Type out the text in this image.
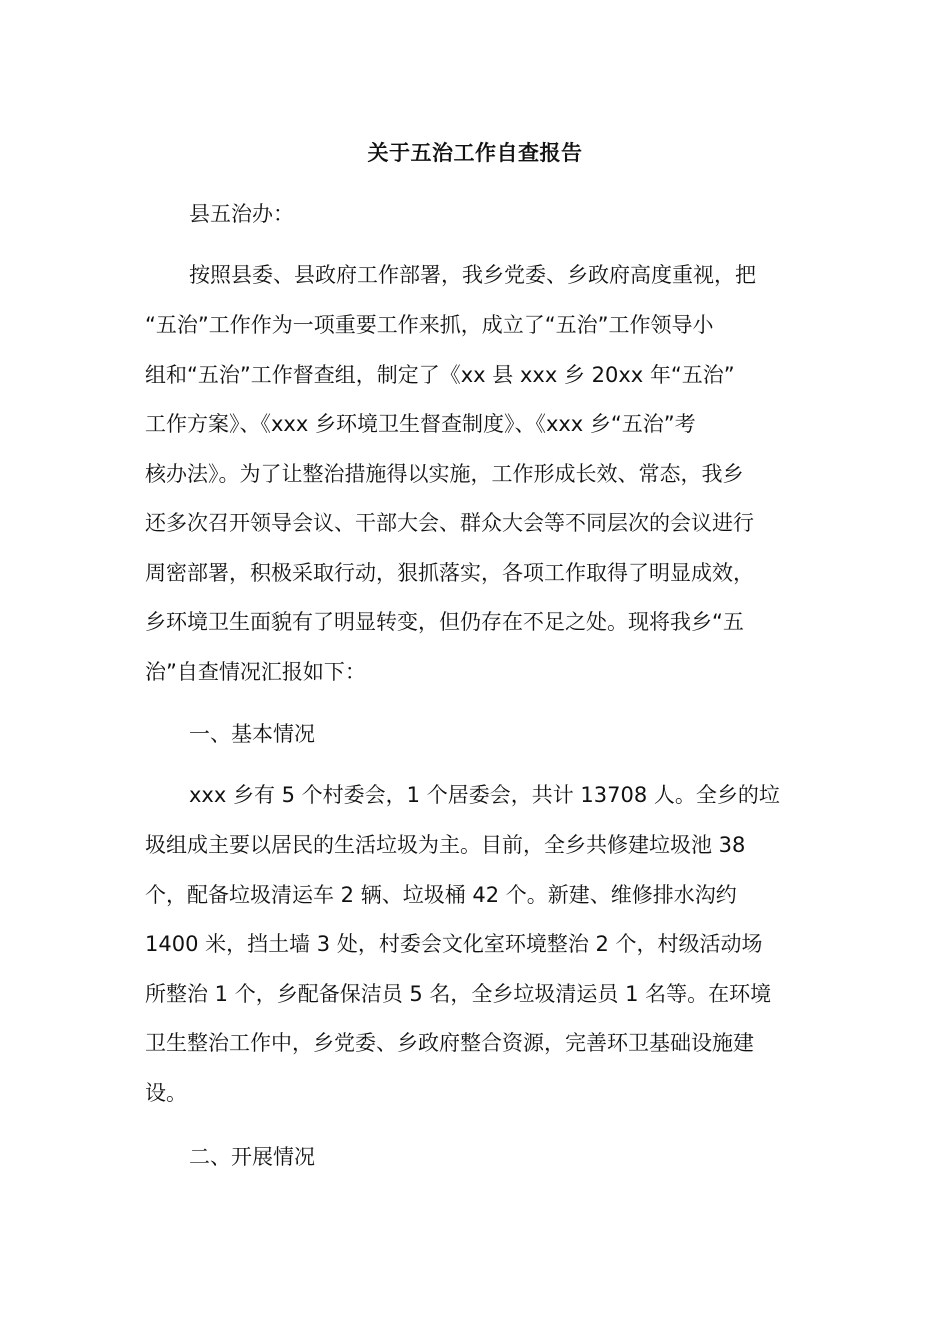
关于五治工作自查报告
县五治办：
按照县委、县政府工作部署，我乡党委、乡政府高度重视，把
“五治”工作作为一项重要工作来抓，成立了“五治”工作领导小
组和“五治”工作督查组，制定了《xx 县 xxx 乡 20xx 年“五治”
工作方案》、《xxx 乡环境卫生督查制度》、《xxx 乡“五治”考
核办法》。为了让整治措施得以实施，工作形成长效、常态，我乡
还多次召开领导会议、干部大会、群众大会等不同层次的会议进行
周密部署，积极采取行动，狠抓落实，各项工作取得了明显成效，
乡环境卫生面貌有了明显转变，但仍存在不足之处。现将我乡“五
治”自查情况汇报如下：
一、基本情况
xxx 乡有 5 个村委会，1 个居委会，共计 13708 人。全乡的垃
圾组成主要以居民的生活垃圾为主。目前，全乡共修建垃圾池 38
个，配备垃圾清运车 2 辆、垃圾桶 42 个。新建、维修排水沟约
1400 米，挡土墙 3 处，村委会文化室环境整治 2 个，村级活动场
所整治 1 个，乡配备保洁员 5 名，全乡垃圾清运员 1 名等。在环境
卫生整治工作中，乡党委、乡政府整合资源，完善环卫基础设施建
设。
二、开展情况
